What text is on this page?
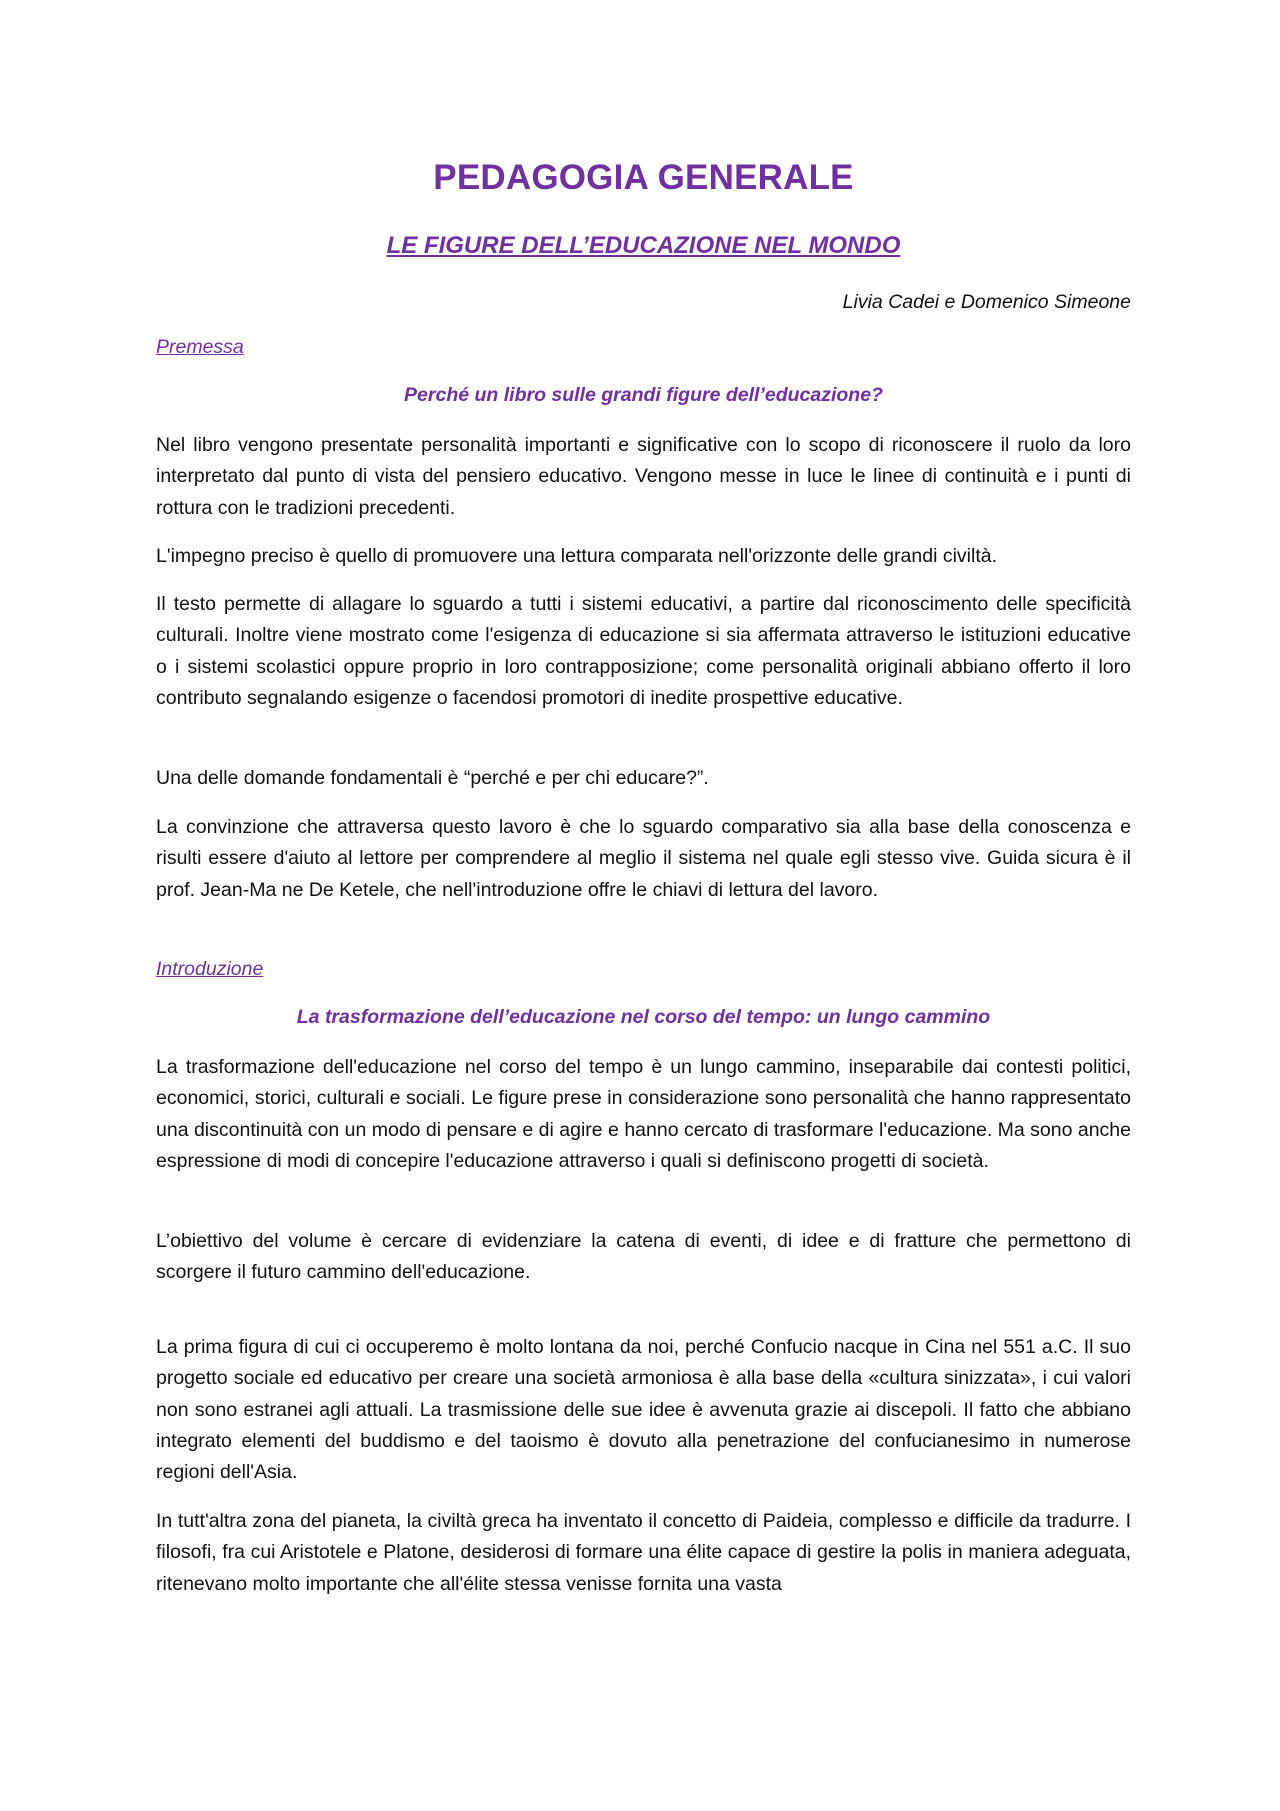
PEDAGOGIA GENERALE
LE FIGURE DELL’EDUCAZIONE NEL MONDO

Livia Cadei e Domenico Simeone

Premessa

Perché un libro sulle grandi figure dell’educazione?

Nel libro vengono presentate personalità importanti e significative con lo scopo di riconoscere il ruolo da loro interpretato dal punto di vista del pensiero educativo. Vengono messe in luce le linee di continuità e i punti di rottura con le tradizioni precedenti.

L'impegno preciso è quello di promuovere una lettura comparata nell'orizzonte delle grandi civiltà.

Il testo permette di allagare lo sguardo a tutti i sistemi educativi, a partire dal riconoscimento delle specificità culturali. Inoltre viene mostrato come l'esigenza di educazione si sia affermata attraverso le istituzioni educative o i sistemi scolastici oppure proprio in loro contrapposizione; come personalità originali abbiano offerto il loro contributo segnalando esigenze o facendosi promotori di inedite prospettive educative.

Una delle domande fondamentali è “perché e per chi educare?”.

La convinzione che attraversa questo lavoro è che lo sguardo comparativo sia alla base della conoscenza e risulti essere d'aiuto al lettore per comprendere al meglio il sistema nel quale egli stesso vive. Guida sicura è il prof. Jean-Ma ne De Ketele, che nell'introduzione offre le chiavi di lettura del lavoro.

Introduzione

La trasformazione dell’educazione nel corso del tempo: un lungo cammino

La trasformazione dell'educazione nel corso del tempo è un lungo cammino, inseparabile dai contesti politici, economici, storici, culturali e sociali. Le figure prese in considerazione sono personalità che hanno rappresentato una discontinuità con un modo di pensare e di agire e hanno cercato di trasformare l'educazione. Ma sono anche espressione di modi di concepire l'educazione attraverso i quali si definiscono progetti di società.

L’obiettivo del volume è cercare di evidenziare la catena di eventi, di idee e di fratture che permettono di scorgere il futuro cammino dell'educazione.

La prima figura di cui ci occuperemo è molto lontana da noi, perché Confucio nacque in Cina nel 551 a.C. Il suo progetto sociale ed educativo per creare una società armoniosa è alla base della «cultura sinizzata», i cui valori non sono estranei agli attuali. La trasmissione delle sue idee è avvenuta grazie ai discepoli. Il fatto che abbiano integrato elementi del buddismo e del taoismo è dovuto alla penetrazione del confucianesimo in numerose regioni dell'Asia.

In tutt'altra zona del pianeta, la civiltà greca ha inventato il concetto di Paideia, complesso e difficile da tradurre. I filosofi, fra cui Aristotele e Platone, desiderosi di formare una élite capace di gestire la polis in maniera adeguata, ritenevano molto importante che all'élite stessa venisse fornita una vasta
